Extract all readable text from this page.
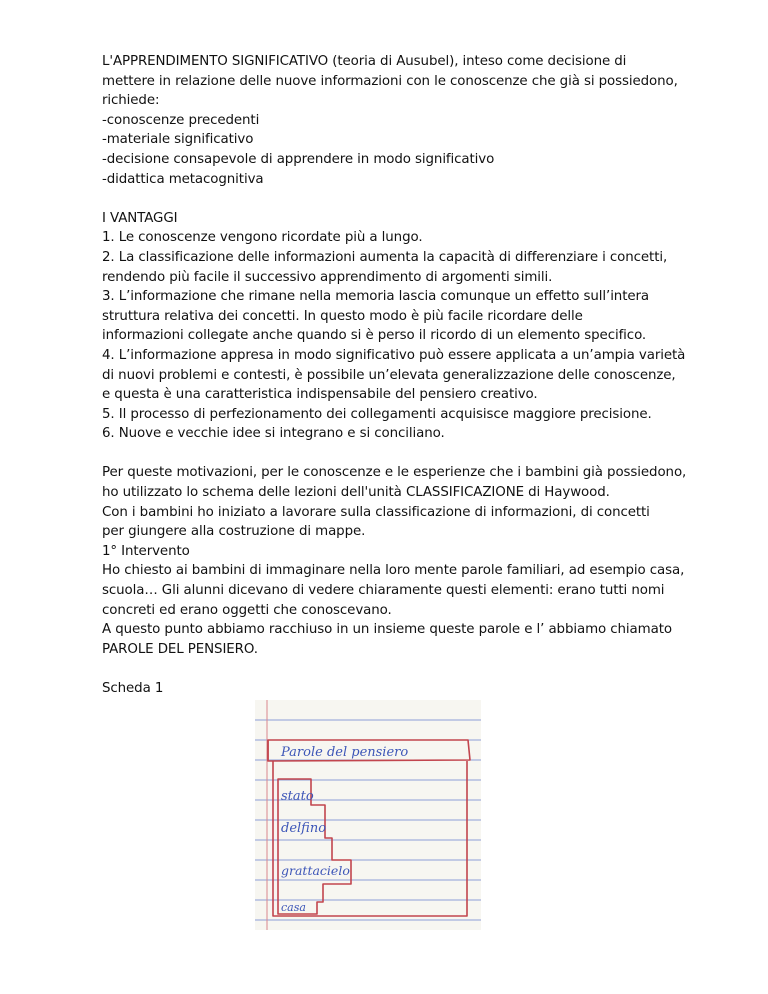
L'APPRENDIMENTO SIGNIFICATIVO (teoria di Ausubel), inteso come decisione di
mettere in relazione delle nuove informazioni con le conoscenze che già si possiedono,
richiede:
-conoscenze precedenti
-materiale significativo
-decisione consapevole di apprendere in modo significativo
-didattica metacognitiva
I VANTAGGI
1. Le conoscenze vengono ricordate più a lungo.
2. La classificazione delle informazioni aumenta la capacità di differenziare i concetti,
rendendo più facile il successivo apprendimento di argomenti simili.
3. L’informazione che rimane nella memoria lascia comunque un effetto sull’intera
struttura relativa dei concetti. In questo modo è più facile ricordare delle
informazioni collegate anche quando si è perso il ricordo di un elemento specifico.
4. L’informazione appresa in modo significativo può essere applicata a un’ampia varietà
di nuovi problemi e contesti, è possibile un’elevata generalizzazione delle conoscenze,
e questa è una caratteristica indispensabile del pensiero creativo.
5. Il processo di perfezionamento dei collegamenti acquisisce maggiore precisione.
6. Nuove e vecchie idee si integrano e si conciliano.
Per queste motivazioni, per le conoscenze e le esperienze che i bambini già possiedono,
ho utilizzato lo schema delle lezioni dell'unità CLASSIFICAZIONE di Haywood.
Con i bambini ho iniziato a lavorare sulla classificazione di informazioni, di concetti
per giungere alla costruzione di mappe.
1° Intervento
Ho chiesto ai bambini di immaginare nella loro mente parole familiari, ad esempio casa,
scuola… Gli alunni dicevano di vedere chiaramente questi elementi: erano tutti nomi
concreti ed erano oggetti che conoscevano.
A questo punto abbiamo racchiuso in un insieme queste parole e l’ abbiamo chiamato
PAROLE DEL PENSIERO.
Scheda 1
Parole del pensiero
stato
delfino
grattacielo
casa
